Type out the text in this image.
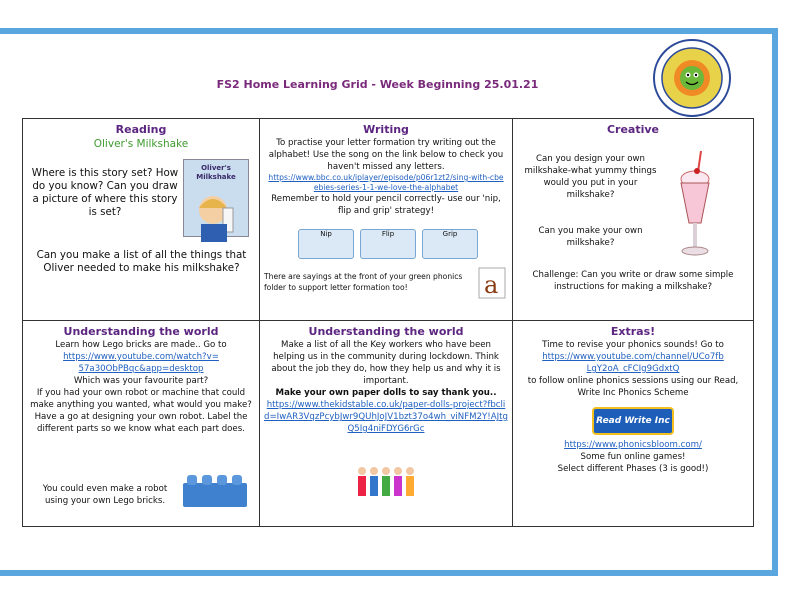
FS2 Home Learning Grid - Week Beginning 25.01.21
Reading
Oliver's Milkshake
Where is this story set? How do you know? Can you draw a picture of where this story is set?
Oliver's Milkshake
Can you make a list of all the things that Oliver needed to make his milkshake?
Writing
To practise your letter formation try writing out the alphabet! Use the song on the link below to check you haven't missed any letters.
https://www.bbc.co.uk/iplayer/episode/p06r1zt2/sing-with-cbeebies-series-1-1-we-love-the-alphabet
Remember to hold your pencil correctly- use our 'nip, flip and grip' strategy!
Nip	Flip	Grip
There are sayings at the front of your green phonics folder to support letter formation too!	a
Creative
Can you design your own milkshake-what yummy things would you put in your milkshake?
Can you make your own milkshake?
Challenge: Can you write or draw some simple instructions for making a milkshake?
Understanding the world
Learn how Lego bricks are made.. Go to
https://www.youtube.com/watch?v=57a30ObPBqc&app=desktop
Which was your favourite part?
If you had your own robot or machine that could make anything you wanted, what would you make?
Have a go at designing your own robot. Label the different parts so we know what each part does.
You could even make a robot using your own Lego bricks.
Understanding the world
Make a list of all the Key workers who have been helping us in the community during lockdown. Think about the job they do, how they help us and why it is important.
Make your own paper dolls to say thank you..
https://www.thekidstable.co.uk/paper-dolls-project?fbclid=IwAR3VqzPcybJwr9QUhJoJV1bzt37o4wh_viNFM2Y!AJtgQ5Ig4niFDYG6rGc
Extras!
Time to revise your phonics sounds! Go to
https://www.youtube.com/channel/UCo7fbLgY2oA_cFCIg9GdxtQ
to follow online phonics sessions using our Read, Write Inc Phonics Scheme
Read Write Inc
https://www.phonicsbloom.com/
Some fun online games!
Select different Phases (3 is good!)
